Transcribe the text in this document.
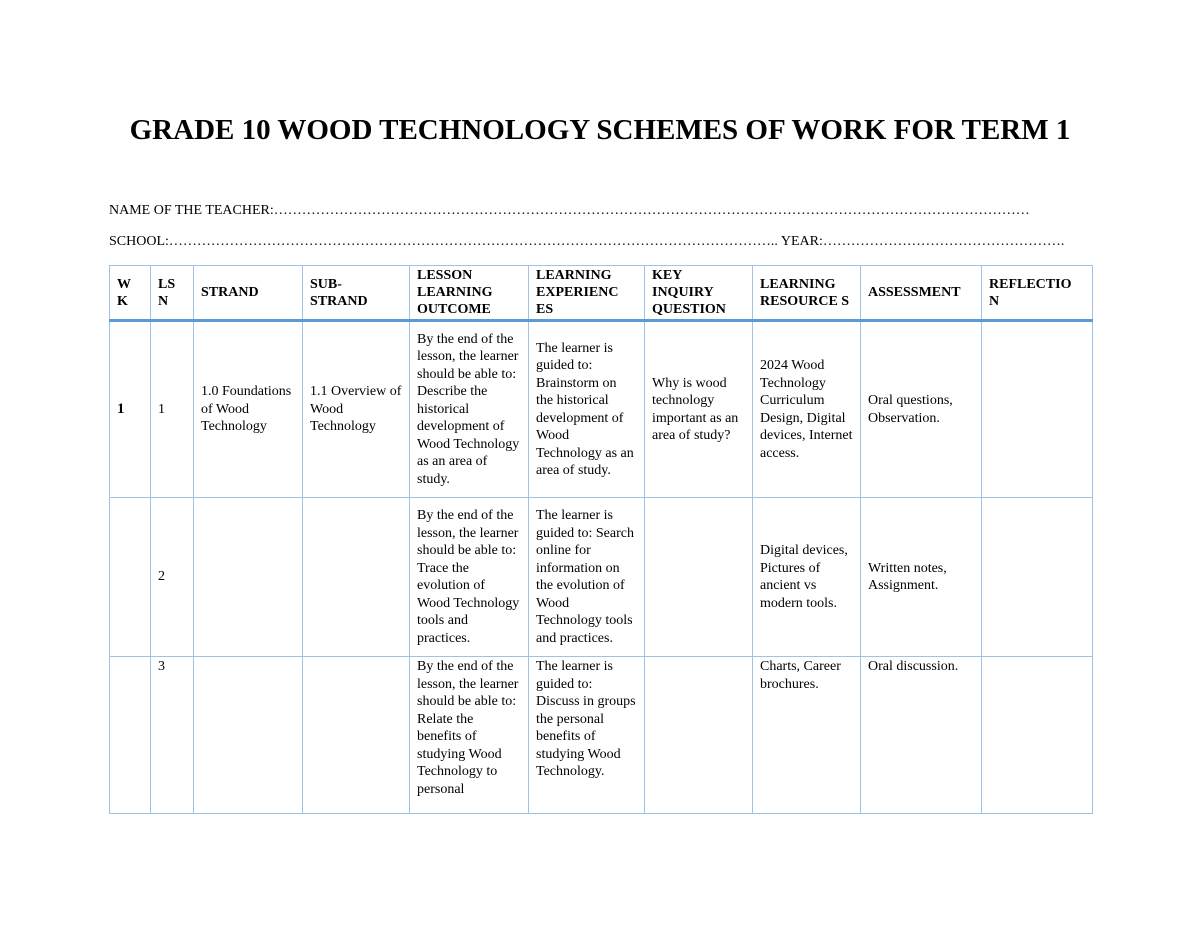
GRADE 10 WOOD TECHNOLOGY SCHEMES OF WORK FOR TERM 1
NAME OF THE TEACHER:………………………………………………………………………………………………………………………………………………
SCHOOL:………………………………………………………………………………………………………………….. YEAR:…………………………………………….
W K	LS N	STRAND	SUB- STRAND	LESSON LEARNING OUTCOME	LEARNING EXPERIENC ES	KEY INQUIRY QUESTION	LEARNING RESOURCE S	ASSESSMENT	REFLECTIO N
1	1	1.0 Foundations of Wood Technology	1.1 Overview of Wood Technology	By the end of the lesson, the learner should be able to: Describe the historical development of Wood Technology as an area of study.	The learner is guided to: Brainstorm on the historical development of Wood Technology as an area of study.	Why is wood technology important as an area of study?	2024 Wood Technology Curriculum Design, Digital devices, Internet access.	Oral questions, Observation.	
	2			By the end of the lesson, the learner should be able to: Trace the evolution of Wood Technology tools and practices.	The learner is guided to: Search online for information on the evolution of Wood Technology tools and practices.		Digital devices, Pictures of ancient vs modern tools.	Written notes, Assignment.	
	3			By the end of the lesson, the learner should be able to: Relate the benefits of studying Wood Technology to personal	The learner is guided to: Discuss in groups the personal benefits of studying Wood Technology.		Charts, Career brochures.	Oral discussion.	
